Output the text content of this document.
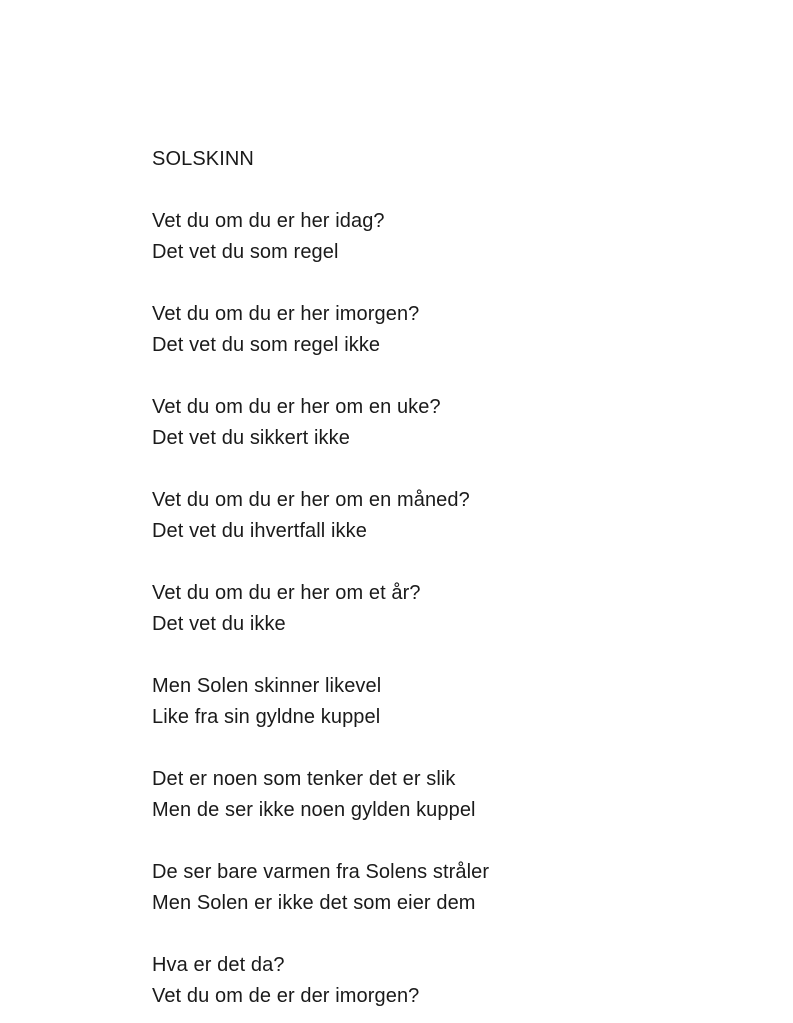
SOLSKINN

Vet du om du er her idag?

Det vet du som regel

Vet du om du er her imorgen?

Det vet du som regel ikke

Vet du om du er her om en uke?

Det vet du sikkert ikke

Vet du om du er her om en måned?

Det vet du ihvertfall ikke

Vet du om du er her om et år?

Det vet du ikke

Men Solen skinner likevel

Like fra sin gyldne kuppel

Det er noen som tenker det er slik

Men de ser ikke noen gylden kuppel

De ser bare varmen fra Solens stråler

Men Solen er ikke det som eier dem

Hva er det da?

Vet du om de er der imorgen?
